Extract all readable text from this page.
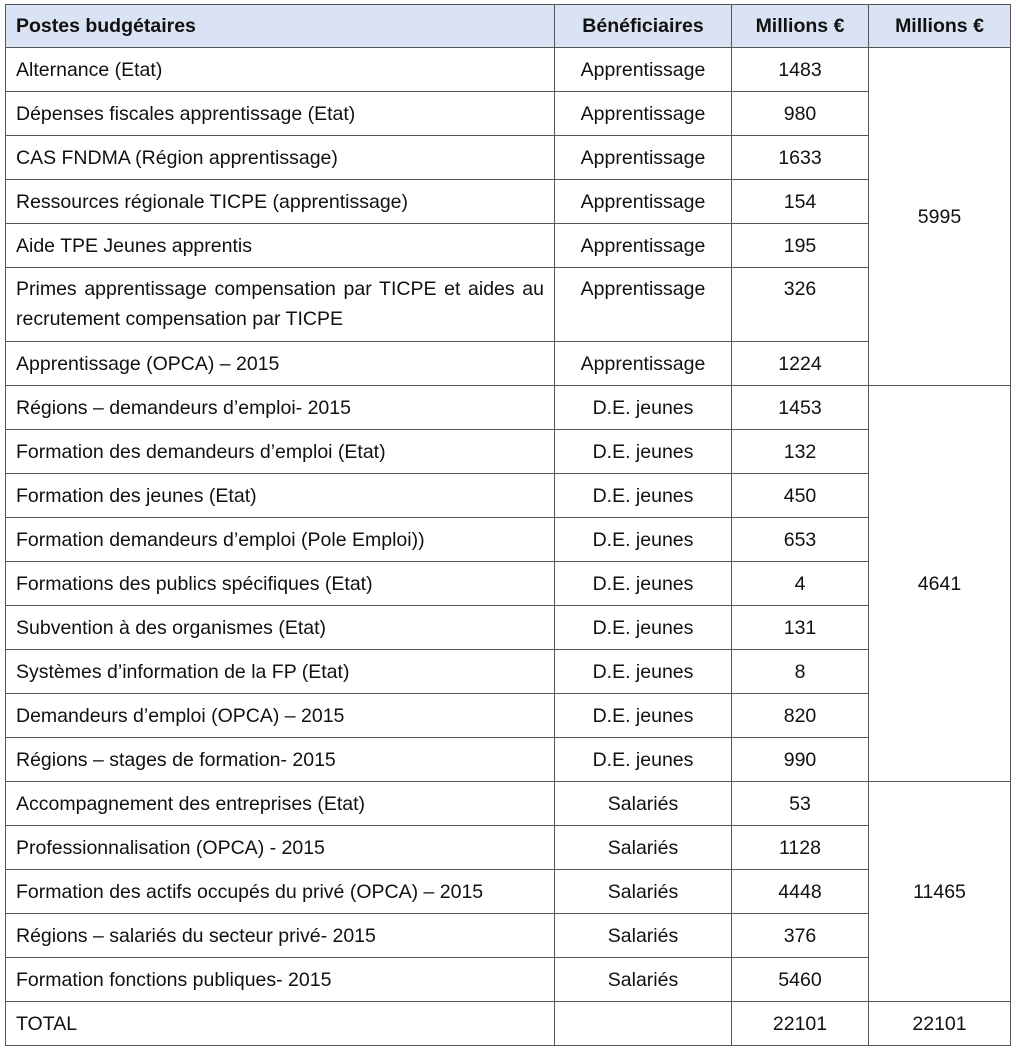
Postes budgétaires	Bénéficiaires	Millions €	Millions €
Alternance (Etat)	Apprentissage	1483	5995
Dépenses fiscales apprentissage (Etat)	Apprentissage	980	
CAS FNDMA (Région apprentissage)	Apprentissage	1633	
Ressources régionale TICPE (apprentissage)	Apprentissage	154	
Aide TPE Jeunes apprentis	Apprentissage	195	
Primes apprentissage compensation par TICPE et aides au recrutement compensation par TICPE	Apprentissage	326	
Apprentissage (OPCA) – 2015	Apprentissage	1224	
Régions – demandeurs d’emploi- 2015	D.E. jeunes	1453	4641
Formation des demandeurs d’emploi (Etat)	D.E. jeunes	132	
Formation des jeunes (Etat)	D.E. jeunes	450	
Formation demandeurs d’emploi (Pole Emploi))	D.E. jeunes	653	
Formations des publics spécifiques (Etat)	D.E. jeunes	4	
Subvention à des organismes (Etat)	D.E. jeunes	131	
Systèmes d’information de la FP (Etat)	D.E. jeunes	8	
Demandeurs d’emploi (OPCA) – 2015	D.E. jeunes	820	
Régions – stages de formation- 2015	D.E. jeunes	990	
Accompagnement des entreprises (Etat)	Salariés	53	11465
Professionnalisation (OPCA) - 2015	Salariés	1128	
Formation des actifs occupés du privé (OPCA) – 2015	Salariés	4448	
Régions – salariés du secteur privé- 2015	Salariés	376	
Formation fonctions publiques- 2015	Salariés	5460	
TOTAL		22101	22101
